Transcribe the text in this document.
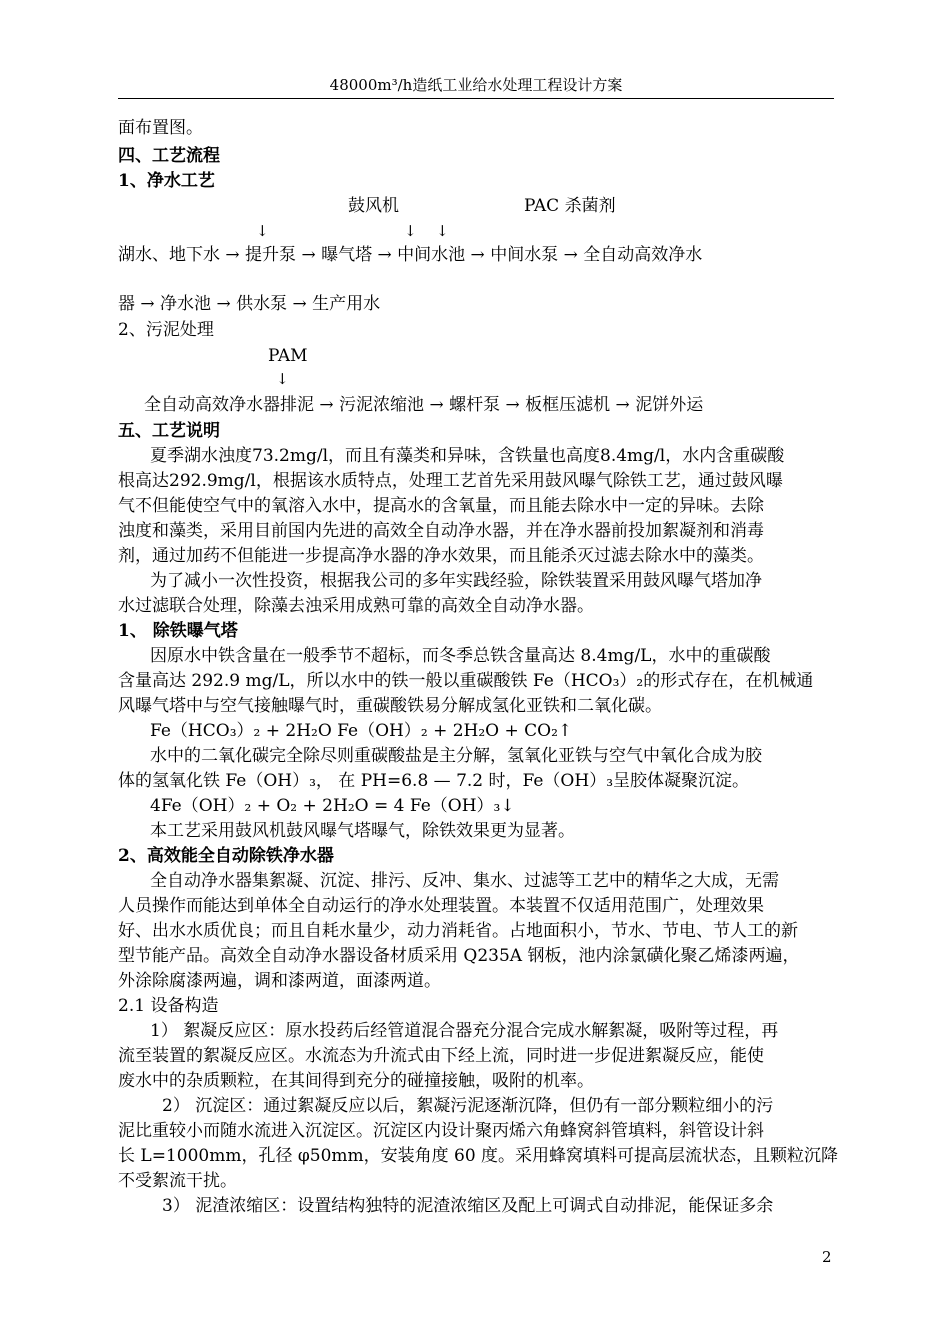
48000m³/h造纸工业给水处理工程设计方案
面布置图。
四、工艺流程
1、净水工艺
鼓风机	PAC 杀菌剂
↓	↓ ↓
湖水、地下水 → 提升泵 → 曝气塔 → 中间水池 → 中间水泵 → 全自动高效净水
器 → 净水池 → 供水泵 → 生产用水
2、污泥处理
PAM
↓
全自动高效净水器排泥 → 污泥浓缩池 → 螺杆泵 → 板框压滤机 → 泥饼外运
五、工艺说明
夏季湖水浊度73.2mg/l，而且有藻类和异味，含铁量也高度8.4mg/l，水内含重碳酸
根高达292.9mg/l，根据该水质特点，处理工艺首先采用鼓风曝气除铁工艺，通过鼓风曝
气不但能使空气中的氧溶入水中，提高水的含氧量，而且能去除水中一定的异味。去除
浊度和藻类，采用目前国内先进的高效全自动净水器，并在净水器前投加絮凝剂和消毒
剂，通过加药不但能进一步提高净水器的净水效果，而且能杀灭过滤去除水中的藻类。
为了减小一次性投资，根据我公司的多年实践经验，除铁装置采用鼓风曝气塔加净
水过滤联合处理，除藻去浊采用成熟可靠的高效全自动净水器。
1、 除铁曝气塔
因原水中铁含量在一般季节不超标，而冬季总铁含量高达 8.4mg/L，水中的重碳酸
含量高达 292.9 mg/L，所以水中的铁一般以重碳酸铁 Fe（HCO₃）₂的形式存在，在机械通
风曝气塔中与空气接触曝气时，重碳酸铁易分解成氢化亚铁和二氧化碳。
Fe（HCO₃）₂ + 2H₂O Fe（OH）₂ + 2H₂O + CO₂↑
水中的二氧化碳完全除尽则重碳酸盐是主分解，氢氧化亚铁与空气中氧化合成为胶
体的氢氧化铁 Fe（OH）₃， 在 PH=6.8 — 7.2 时，Fe（OH）₃呈胶体凝聚沉淀。
4Fe（OH）₂ + O₂ + 2H₂O = 4 Fe（OH）₃↓
本工艺采用鼓风机鼓风曝气塔曝气，除铁效果更为显著。
2、高效能全自动除铁净水器
全自动净水器集絮凝、沉淀、排污、反冲、集水、过滤等工艺中的精华之大成，无需
人员操作而能达到单体全自动运行的净水处理装置。本装置不仅适用范围广，处理效果
好、出水水质优良；而且自耗水量少，动力消耗省。占地面积小，节水、节电、节人工的新
型节能产品。高效全自动净水器设备材质采用 Q235A 钢板，池内涂氯磺化聚乙烯漆两遍，
外涂除腐漆两遍，调和漆两道，面漆两道。
2.1 设备构造
1） 絮凝反应区：原水投药后经管道混合器充分混合完成水解絮凝，吸附等过程，再
流至装置的絮凝反应区。水流态为升流式由下经上流，同时进一步促进絮凝反应，能使
废水中的杂质颗粒，在其间得到充分的碰撞接触，吸附的机率。
2） 沉淀区：通过絮凝反应以后，絮凝污泥逐渐沉降，但仍有一部分颗粒细小的污
泥比重较小而随水流进入沉淀区。沉淀区内设计聚丙烯六角蜂窝斜管填料，斜管设计斜
长 L=1000mm，孔径 φ50mm，安装角度 60 度。采用蜂窝填料可提高层流状态，且颗粒沉降
不受絮流干扰。
3） 泥渣浓缩区：设置结构独特的泥渣浓缩区及配上可调式自动排泥，能保证多余
2
